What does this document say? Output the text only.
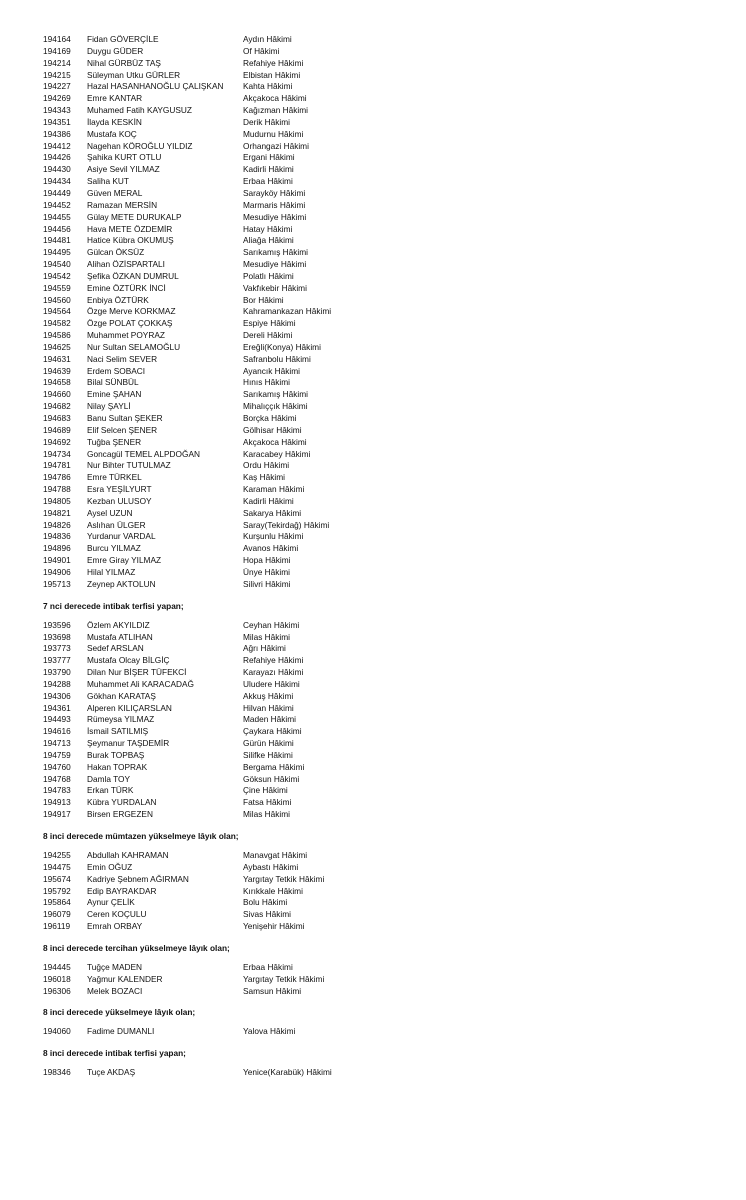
194164 Fidan GÖVERÇİLE	Aydın Hâkimi
194169 Duygu GÜDER	Of Hâkimi
194214 Nihal GÜRBÜZ TAŞ	Refahiye Hâkimi
194215 Süleyman Utku GÜRLER	Elbistan Hâkimi
194227 Hazal HASANHANOĞLU ÇALIŞKAN Kahta Hâkimi
194269 Emre KANTAR	Akçakoca Hâkimi
194343 Muhamed Fatih KAYGUSUZ	Kağızman Hâkimi
194351 İlayda KESKİN	Derik Hâkimi
194386 Mustafa KOÇ	Mudurnu Hâkimi
194412 Nagehan KÖROĞLU YILDIZ	Orhangazi Hâkimi
194426 Şahika KURT OTLU	Ergani Hâkimi
194430 Asiye Sevil YILMAZ	Kadirli Hâkimi
194434 Saliha KUT	Erbaa Hâkimi
194449 Güven MERAL	Sarayköy Hâkimi
194452 Ramazan MERSİN	Marmaris Hâkimi
194455 Gülay METE DURUKALP	Mesudiye Hâkimi
194456 Hava METE ÖZDEMİR	Hatay Hâkimi
194481 Hatice Kübra OKUMUŞ	Aliağa Hâkimi
194495 Gülcan ÖKSÜZ	Sarıkamış Hâkimi
194540 Alihan ÖZİSPARTALI	Mesudiye Hâkimi
194542 Şefika ÖZKAN DUMRUL	Polatlı Hâkimi
194559 Emine ÖZTÜRK İNCİ	Vakfıkebir Hâkimi
194560 Enbiya ÖZTÜRK	Bor Hâkimi
194564 Özge Merve KORKMAZ	Kahramankazan Hâkimi
194582 Özge POLAT ÇOKKAŞ	Espiye Hâkimi
194586 Muhammet POYRAZ	Dereli Hâkimi
194625 Nur Sultan SELAMOĞLU	Ereğli(Konya) Hâkimi
194631 Naci Selim SEVER	Safranbolu Hâkimi
194639 Erdem SOBACI	Ayancık Hâkimi
194658 Bilal SÜNBÜL	Hınıs Hâkimi
194660 Emine ŞAHAN	Sarıkamış Hâkimi
194682 Nilay ŞAYLİ	Mihalıççık Hâkimi
194683 Banu Sultan ŞEKER	Borçka Hâkimi
194689 Elif Selcen ŞENER	Gölhisar Hâkimi
194692 Tuğba ŞENER	Akçakoca Hâkimi
194734 Goncagül TEMEL ALPDOĞAN	Karacabey Hâkimi
194781 Nur Bihter TUTULMAZ	Ordu Hâkimi
194786 Emre TÜRKEL	Kaş Hâkimi
194788 Esra YEŞİLYURT	Karaman Hâkimi
194805 Kezban ULUSOY	Kadirli Hâkimi
194821 Aysel UZUN	Sakarya Hâkimi
194826 Aslıhan ÜLGER	Saray(Tekirdağ) Hâkimi
194836 Yurdanur VARDAL	Kurşunlu Hâkimi
194896 Burcu YILMAZ	Avanos Hâkimi
194901 Emre Giray YILMAZ	Hopa Hâkimi
194906 Hilal YILMAZ	Ünye Hâkimi
195713 Zeynep AKTOLUN	Silivri Hâkimi
7 nci derecede intibak terfisi yapan;
193596 Özlem AKYILDIZ	Ceyhan Hâkimi
193698 Mustafa ATLIHAN	Milas Hâkimi
193773 Sedef ARSLAN	Ağrı Hâkimi
193777 Mustafa Olcay BİLGİÇ	Refahiye Hâkimi
193790 Dilan Nur BİŞER TÜFEKCİ	Karayazı Hâkimi
194288 Muhammet Ali KARACADAĞ	Uludere Hâkimi
194306 Gökhan KARATAŞ	Akkuş Hâkimi
194361 Alperen KILIÇARSLAN	Hilvan Hâkimi
194493 Rümeysa YILMAZ	Maden Hâkimi
194616 İsmail SATILMIŞ	Çaykara Hâkimi
194713 Şeymanur TAŞDEMİR	Gürün Hâkimi
194759 Burak TOPBAŞ	Silifke Hâkimi
194760 Hakan TOPRAK	Bergama Hâkimi
194768 Damla TOY	Göksun Hâkimi
194783 Erkan TÜRK	Çine Hâkimi
194913 Kübra YURDALAN	Fatsa Hâkimi
194917 Birsen ERGEZEN	Milas Hâkimi
8 inci derecede mümtazen yükselmeye lâyık olan;
194255 Abdullah KAHRAMAN	Manavgat Hâkimi
194475 Emin OĞUZ	Aybastı Hâkimi
195674 Kadriye Şebnem AĞIRMAN	Yargıtay Tetkik Hâkimi
195792 Edip BAYRAKDAR	Kırıkkale Hâkimi
195864 Aynur ÇELİK	Bolu Hâkimi
196079 Ceren KOÇULU	Sivas Hâkimi
196119 Emrah ORBAY	Yenişehir Hâkimi
8 inci derecede tercihan yükselmeye lâyık olan;
194445 Tuğçe MADEN	Erbaa Hâkimi
196018 Yağmur KALENDER	Yargıtay Tetkik Hâkimi
196306 Melek BOZACI	Samsun Hâkimi
8 inci derecede yükselmeye lâyık olan;
194060 Fadime DUMANLI	Yalova Hâkimi
8 inci derecede intibak terfisi yapan;
198346 Tuçe AKDAŞ	Yenice(Karabük) Hâkimi
